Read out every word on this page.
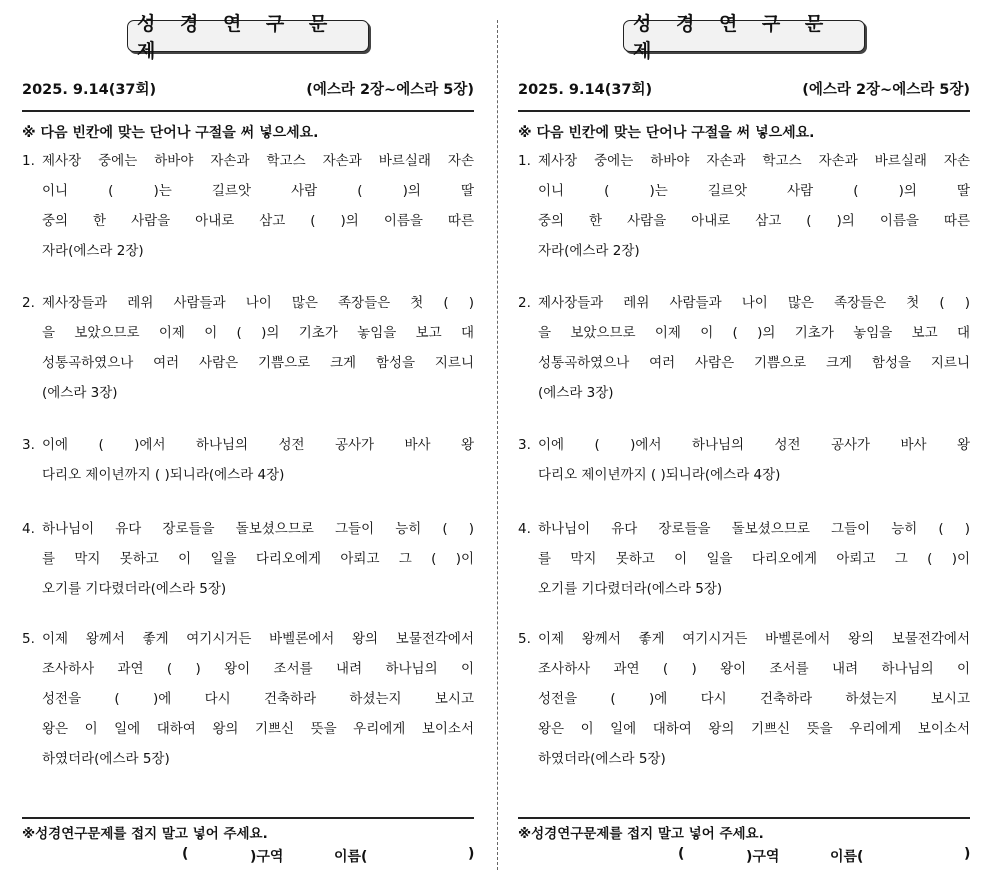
성 경 연 구 문 제
2025. 9.14(37회)	(에스라 2장~에스라 5장)
※ 다음 빈칸에 맞는 단어나 구절을 써 넣으세요.
1. 제사장 중에는 하바야 자손과 학고스 자손과 바르실래 자손
이니 ( )는 길르앗 사람 ( )의 딸
중의 한 사람을 아내로 삼고 ( )의 이름을 따른
자라(에스라 2장)
2. 제사장들과 레위 사람들과 나이 많은 족장들은 첫 ( )
을 보았으므로 이제 이 ( )의 기초가 놓임을 보고 대
성통곡하였으나 여러 사람은 기쁨으로 크게 함성을 지르니
(에스라 3장)
3. 이에 ( )에서 하나님의 성전 공사가 바사 왕
다리오 제이년까지 ( )되니라(에스라 4장)
4. 하나님이 유다 장로들을 돌보셨으므로 그들이 능히 ( )
를 막지 못하고 이 일을 다리오에게 아뢰고 그 ( )이
오기를 기다렸더라(에스라 5장)
5. 이제 왕께서 좋게 여기시거든 바벨론에서 왕의 보물전각에서
조사하사 과연 ( ) 왕이 조서를 내려 하나님의 이
성전을 ( )에 다시 건축하라 하셨는지 보시고
왕은 이 일에 대하여 왕의 기쁘신 뜻을 우리에게 보이소서
하였더라(에스라 5장)
※성경연구문제를 접지 말고 넣어 주세요.
(	)구역	이름(	)
성 경 연 구 문 제
2025. 9.14(37회)	(에스라 2장~에스라 5장)
※ 다음 빈칸에 맞는 단어나 구절을 써 넣으세요.
1. 제사장 중에는 하바야 자손과 학고스 자손과 바르실래 자손
이니 ( )는 길르앗 사람 ( )의 딸
중의 한 사람을 아내로 삼고 ( )의 이름을 따른
자라(에스라 2장)
2. 제사장들과 레위 사람들과 나이 많은 족장들은 첫 ( )
을 보았으므로 이제 이 ( )의 기초가 놓임을 보고 대
성통곡하였으나 여러 사람은 기쁨으로 크게 함성을 지르니
(에스라 3장)
3. 이에 ( )에서 하나님의 성전 공사가 바사 왕
다리오 제이년까지 ( )되니라(에스라 4장)
4. 하나님이 유다 장로들을 돌보셨으므로 그들이 능히 ( )
를 막지 못하고 이 일을 다리오에게 아뢰고 그 ( )이
오기를 기다렸더라(에스라 5장)
5. 이제 왕께서 좋게 여기시거든 바벨론에서 왕의 보물전각에서
조사하사 과연 ( ) 왕이 조서를 내려 하나님의 이
성전을 ( )에 다시 건축하라 하셨는지 보시고
왕은 이 일에 대하여 왕의 기쁘신 뜻을 우리에게 보이소서
하였더라(에스라 5장)
※성경연구문제를 접지 말고 넣어 주세요.
(	)구역	이름(	)
